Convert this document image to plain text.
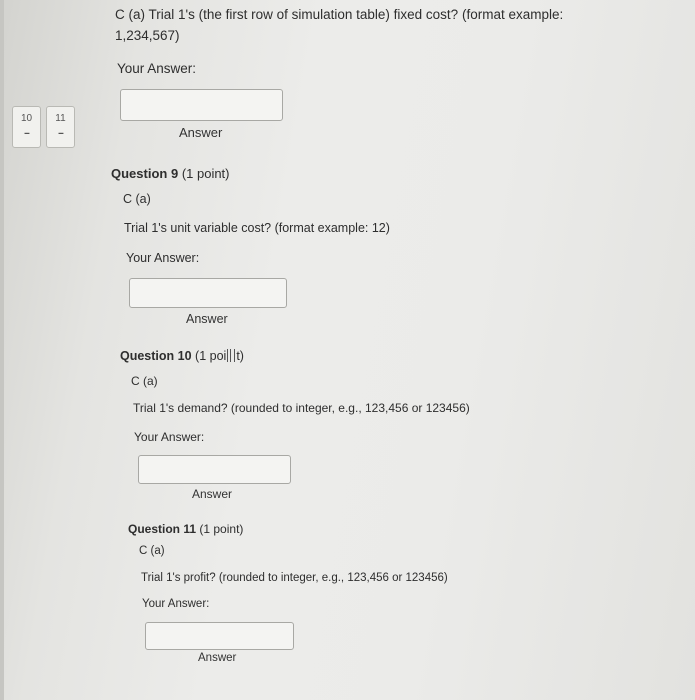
10
--
11
--
C (a) Trial 1's (the first row of simulation table) fixed cost? (format example:
1,234,567)
Your Answer:
Answer
Question 9 (1 point)
C (a)
Trial 1's unit variable cost? (format example: 12)
Your Answer:
Answer
Question 10 (1 poi t)
C (a)
Trial 1's demand? (rounded to integer, e.g., 123,456 or 123456)
Your Answer:
Answer
Question 11 (1 point)
C (a)
Trial 1's profit? (rounded to integer, e.g., 123,456 or 123456)
Your Answer:
Answer
